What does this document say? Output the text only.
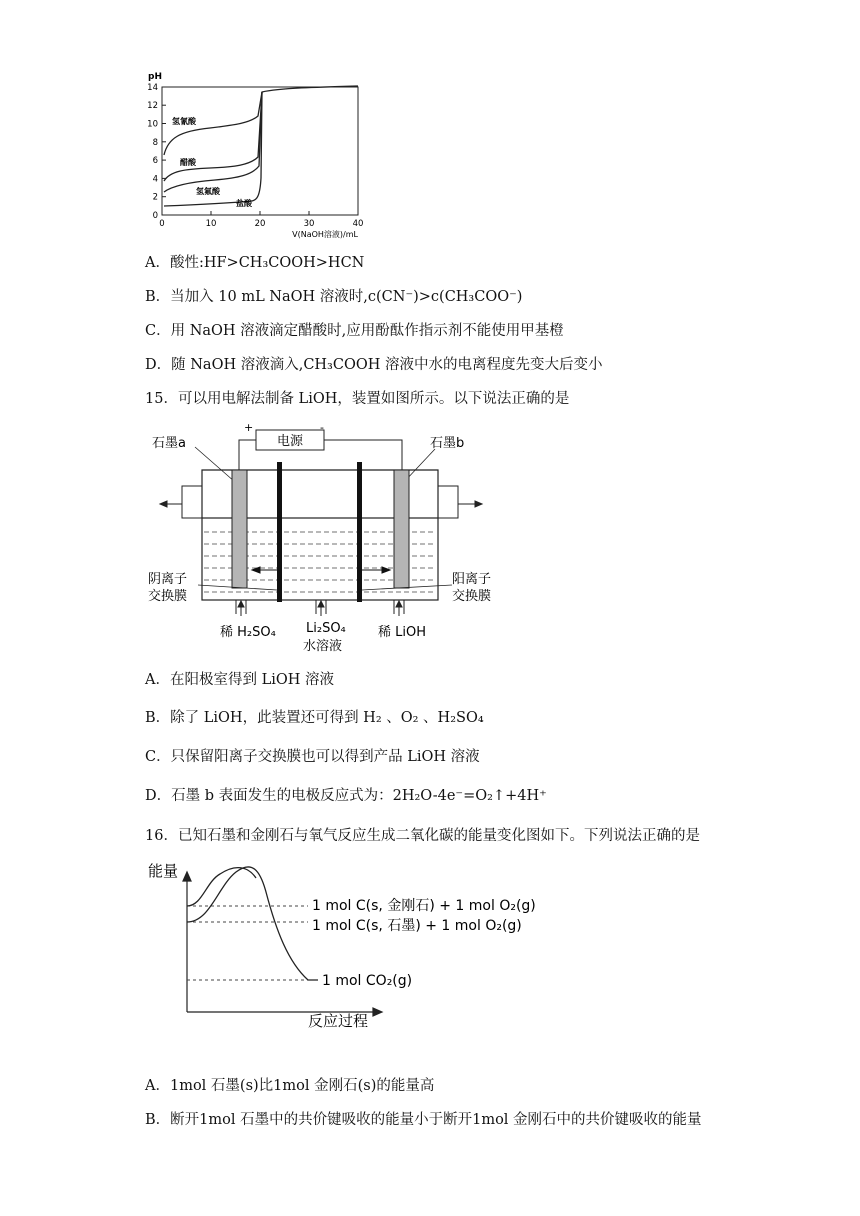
pH
0
2
4
6
8
10
12
14
0	10	20	30	40
V(NaOH溶液)/mL
氢氰酸
醋酸
氢氟酸
盐酸
A．酸性:HF>CH₃COOH>HCN
B．当加入 10 mL NaOH 溶液时,c(CN⁻)>c(CH₃COO⁻)
C．用 NaOH 溶液滴定醋酸时,应用酚酞作指示剂不能使用甲基橙
D．随 NaOH 溶液滴入,CH₃COOH 溶液中水的电离程度先变大后变小
15．可以用电解法制备 LiOH，装置如图所示。以下说法正确的是
电源
+	-
石墨a	石墨b
阴离子
交换膜
阳离子
交换膜
稀 H₂SO₄ Li₂SO₄
水溶液
稀 LiOH
A．在阳极室得到 LiOH 溶液
B．除了 LiOH，此装置还可得到 H₂ 、O₂ 、H₂SO₄
C．只保留阳离子交换膜也可以得到产品 LiOH 溶液
D．石墨 b 表面发生的电极反应式为：2H₂O-4e⁻=O₂↑+4H⁺
16．已知石墨和金刚石与氧气反应生成二氧化碳的能量变化图如下。下列说法正确的是
能量
反应过程
1 mol C(s, 金刚石) + 1 mol O₂(g)
1 mol C(s, 石墨) + 1 mol O₂(g)
1 mol CO₂(g)
A．1mol 石墨(s)比1mol 金刚石(s)的能量高
B．断开1mol 石墨中的共价键吸收的能量小于断开1mol 金刚石中的共价键吸收的能量
